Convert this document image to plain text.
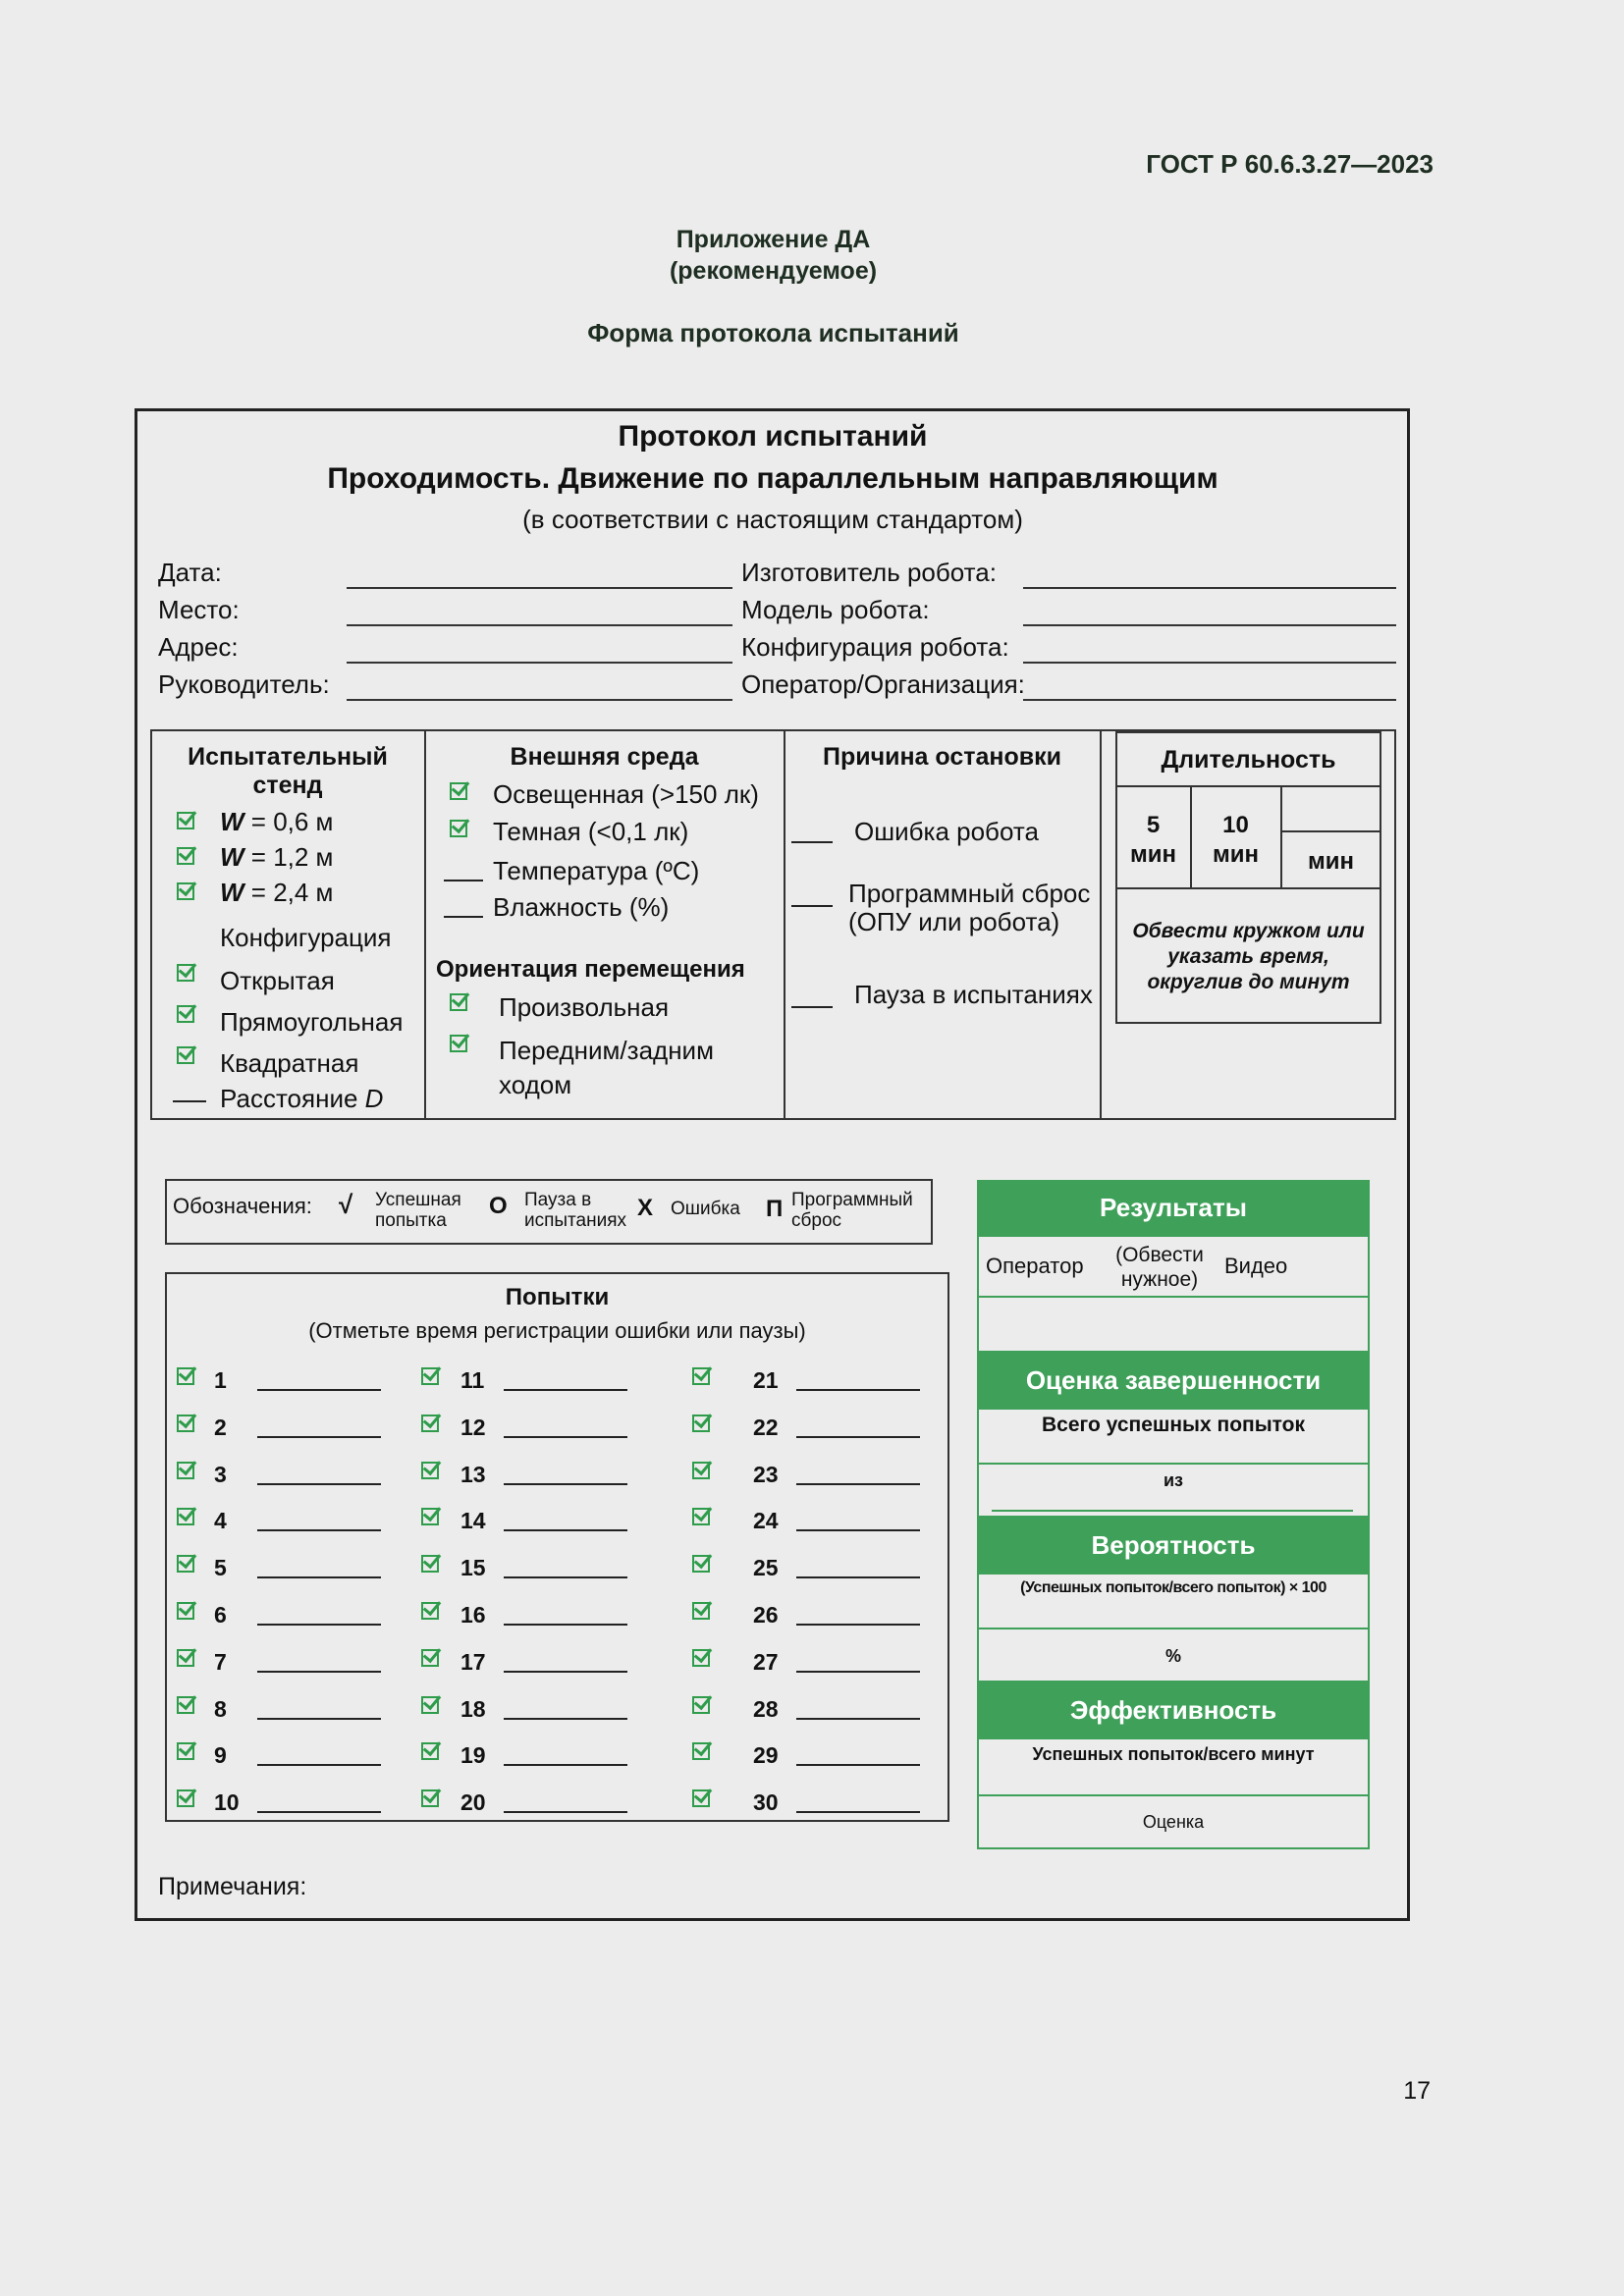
ГОСТ Р 60.6.3.27—2023
Приложение ДА
(рекомендуемое)
Форма протокола испытаний
Протокол испытаний
Проходимость. Движение по параллельным направляющим
(в соответствии с настоящим стандартом)
Дата:
Место:
Адрес:
Руководитель:
Изготовитель робота:
Модель робота:
Конфигурация робота:
Оператор/Организация:
Испытательный стенд
W = 0,6 м
W = 1,2 м
W = 2,4 м
Конфигурация
Открытая
Прямоугольная
Квадратная
Расстояние D
Внешняя среда
Освещенная (>150 лк)
Темная (<0,1 лк)
Температура (ºС)
Влажность (%)
Ориентация перемещения
Произвольная
Передним/задним ходом
Причина остановки
Ошибка робота
Программный сброс (ОПУ или робота)
Пауза в испытаниях
Длительность
5
мин
10
мин	мин
Обвести кружком или указать время, округлив до минут
Обозначения: √ Успешная попытка
О Пауза в испытаниях Х Ошибка П Программный сброс
Попытки
(Отметьте время регистрации ошибки или паузы)
1
2
3
4
5
6
7
8
9
10
11
12
13
14
15
16
17
18
19
20
21
22
23
24
25
26
27
28
29
30
Результаты
Оператор	(Обвести нужное)
Видео
Оценка завершенности
Всего успешных попыток
из
Вероятность
(Успешных попыток/всего попыток) × 100
%
Эффективность
Успешных попыток/всего минут
Оценка
Примечания:
17
